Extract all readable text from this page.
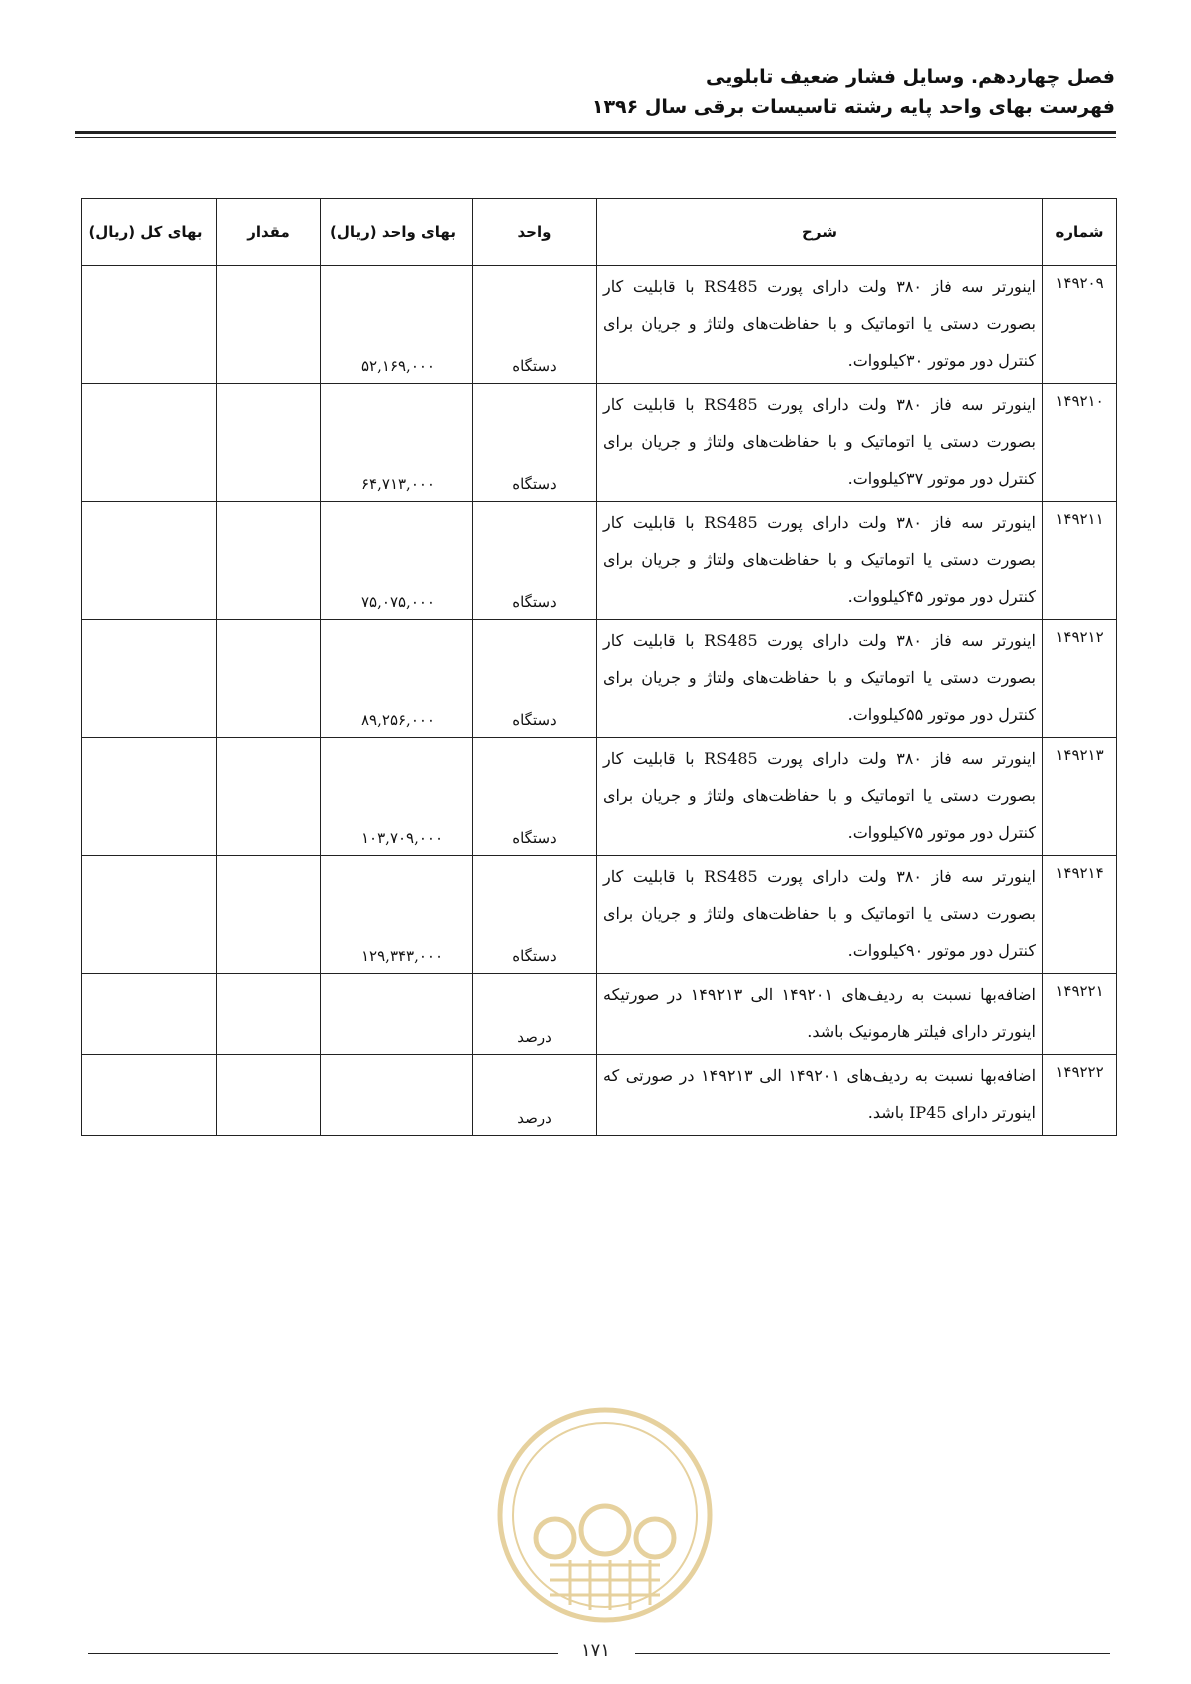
فصل چهاردهم. وسایل فشار ضعیف تابلویی
فهرست بهای واحد پایه رشته تاسیسات برقی سال ۱۳۹۶
شماره	شرح	واحد	بهای واحد (ریال)	مقدار	بهای کل (ریال)
۱۴۹۲۰۹	اینورتر سه فاز ۳۸۰ ولت دارای پورت RS485 با قابلیت کار بصورت دستی یا اتوماتیک و با حفاظت‌های ولتاژ و جریان برای کنترل دور موتور ۳۰کیلووات.	دستگاه	۵۲,۱۶۹,۰۰۰		
۱۴۹۲۱۰	اینورتر سه فاز ۳۸۰ ولت دارای پورت RS485 با قابلیت کار بصورت دستی یا اتوماتیک و با حفاظت‌های ولتاژ و جریان برای کنترل دور موتور ۳۷کیلووات.	دستگاه	۶۴,۷۱۳,۰۰۰		
۱۴۹۲۱۱	اینورتر سه فاز ۳۸۰ ولت دارای پورت RS485 با قابلیت کار بصورت دستی یا اتوماتیک و با حفاظت‌های ولتاژ و جریان برای کنترل دور موتور ۴۵کیلووات.	دستگاه	۷۵,۰۷۵,۰۰۰		
۱۴۹۲۱۲	اینورتر سه فاز ۳۸۰ ولت دارای پورت RS485 با قابلیت کار بصورت دستی یا اتوماتیک و با حفاظت‌های ولتاژ و جریان برای کنترل دور موتور ۵۵کیلووات.	دستگاه	۸۹,۲۵۶,۰۰۰		
۱۴۹۲۱۳	اینورتر سه فاز ۳۸۰ ولت دارای پورت RS485 با قابلیت کار بصورت دستی یا اتوماتیک و با حفاظت‌های ولتاژ و جریان برای کنترل دور موتور ۷۵کیلووات.	دستگاه	۱۰۳,۷۰۹,۰۰۰		
۱۴۹۲۱۴	اینورتر سه فاز ۳۸۰ ولت دارای پورت RS485 با قابلیت کار بصورت دستی یا اتوماتیک و با حفاظت‌های ولتاژ و جریان برای کنترل دور موتور ۹۰کیلووات.	دستگاه	۱۲۹,۳۴۳,۰۰۰		
۱۴۹۲۲۱	اضافه‌بها نسبت به ردیف‌های ۱۴۹۲۰۱ الی ۱۴۹۲۱۳ در صورتیکه اینورتر دارای فیلتر هارمونیک باشد.	درصد			
۱۴۹۲۲۲	اضافه‌بها نسبت به ردیف‌های ۱۴۹۲۰۱ الی ۱۴۹۲۱۳ در صورتی که اینورتر دارای IP45 باشد.	درصد			
۱۷۱
